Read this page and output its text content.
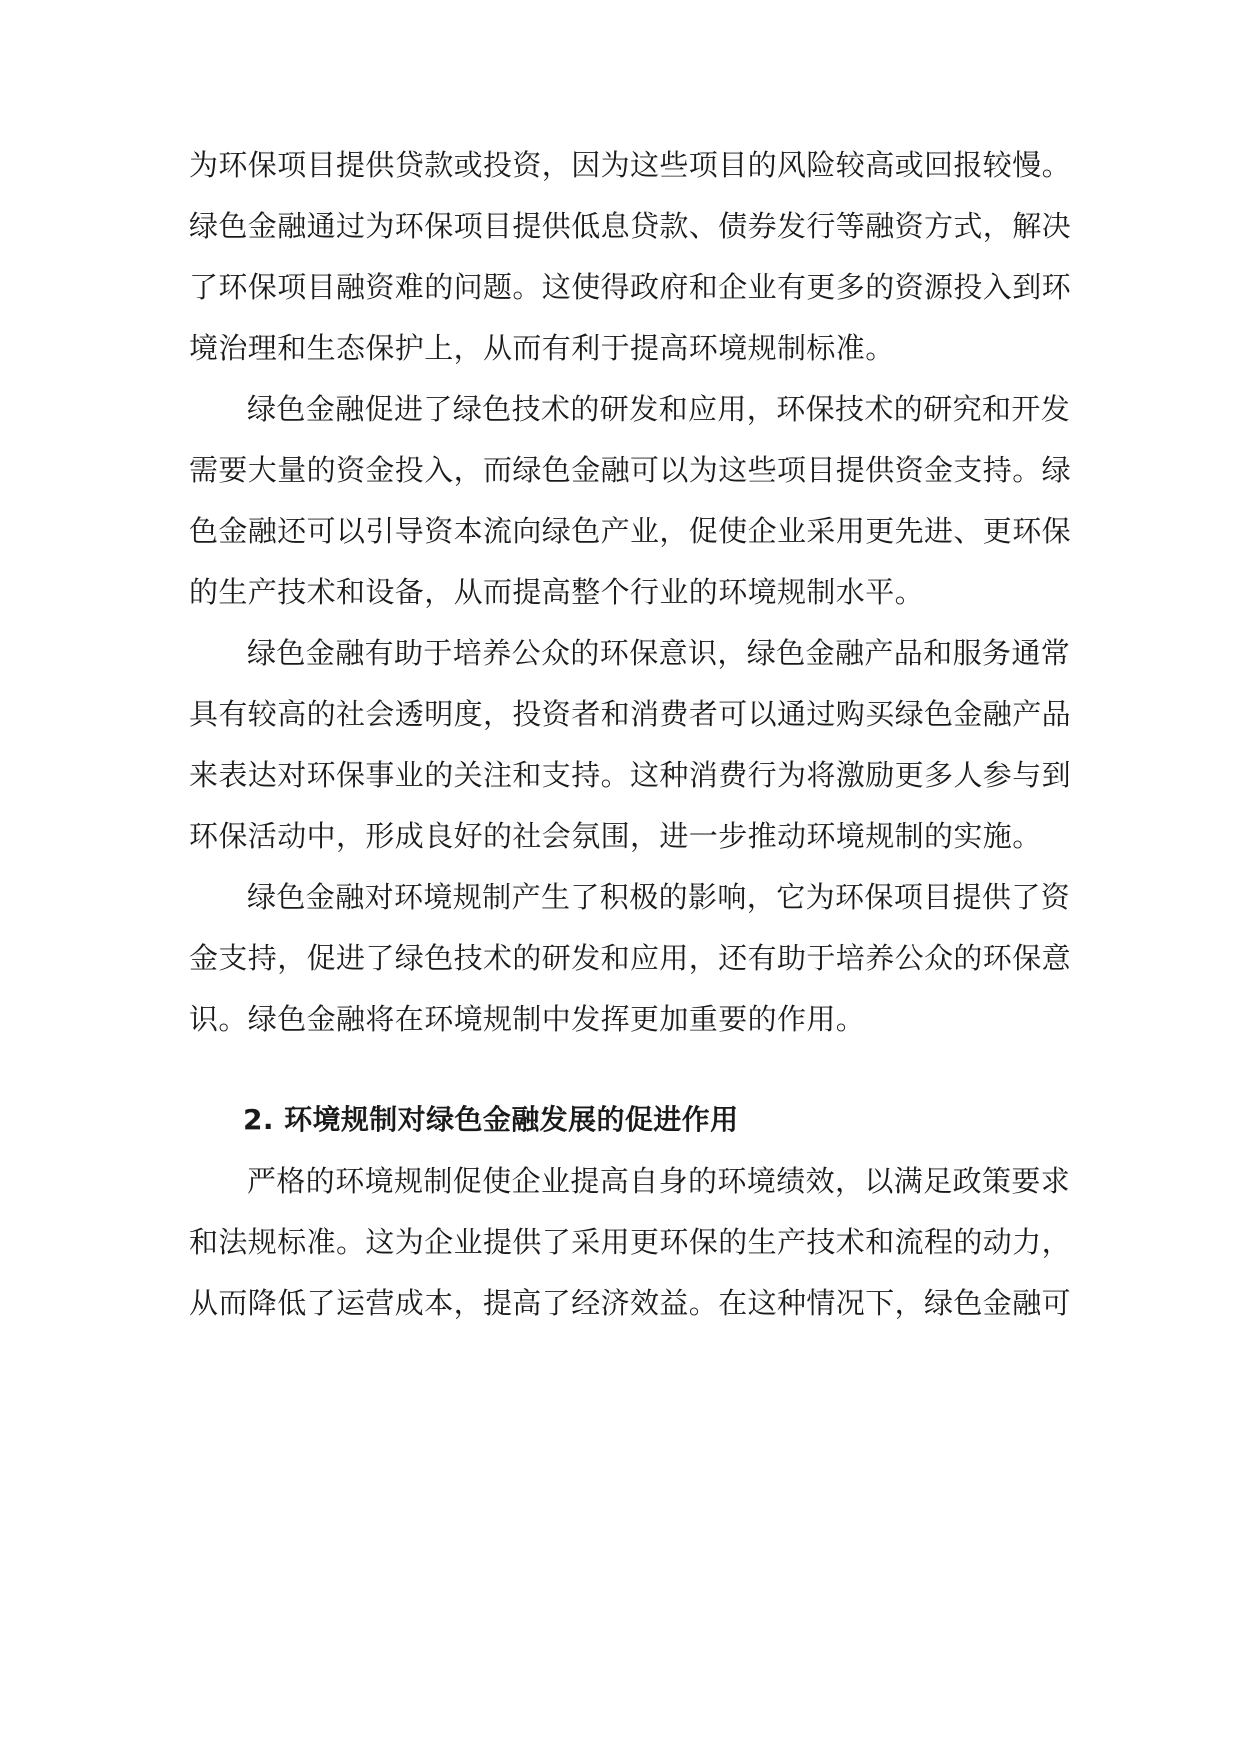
为环保项目提供贷款或投资，因为这些项目的风险较高或回报较慢。
绿色金融通过为环保项目提供低息贷款、债券发行等融资方式，解决
了环保项目融资难的问题。这使得政府和企业有更多的资源投入到环
境治理和生态保护上，从而有利于提高环境规制标准。
绿色金融促进了绿色技术的研发和应用，环保技术的研究和开发
需要大量的资金投入，而绿色金融可以为这些项目提供资金支持。绿
色金融还可以引导资本流向绿色产业，促使企业采用更先进、更环保
的生产技术和设备，从而提高整个行业的环境规制水平。
绿色金融有助于培养公众的环保意识，绿色金融产品和服务通常
具有较高的社会透明度，投资者和消费者可以通过购买绿色金融产品
来表达对环保事业的关注和支持。这种消费行为将激励更多人参与到
环保活动中，形成良好的社会氛围，进一步推动环境规制的实施。
绿色金融对环境规制产生了积极的影响，它为环保项目提供了资
金支持，促进了绿色技术的研发和应用，还有助于培养公众的环保意
识。绿色金融将在环境规制中发挥更加重要的作用。
2. 环境规制对绿色金融发展的促进作用
严格的环境规制促使企业提高自身的环境绩效，以满足政策要求
和法规标准。这为企业提供了采用更环保的生产技术和流程的动力，
从而降低了运营成本，提高了经济效益。在这种情况下，绿色金融可
